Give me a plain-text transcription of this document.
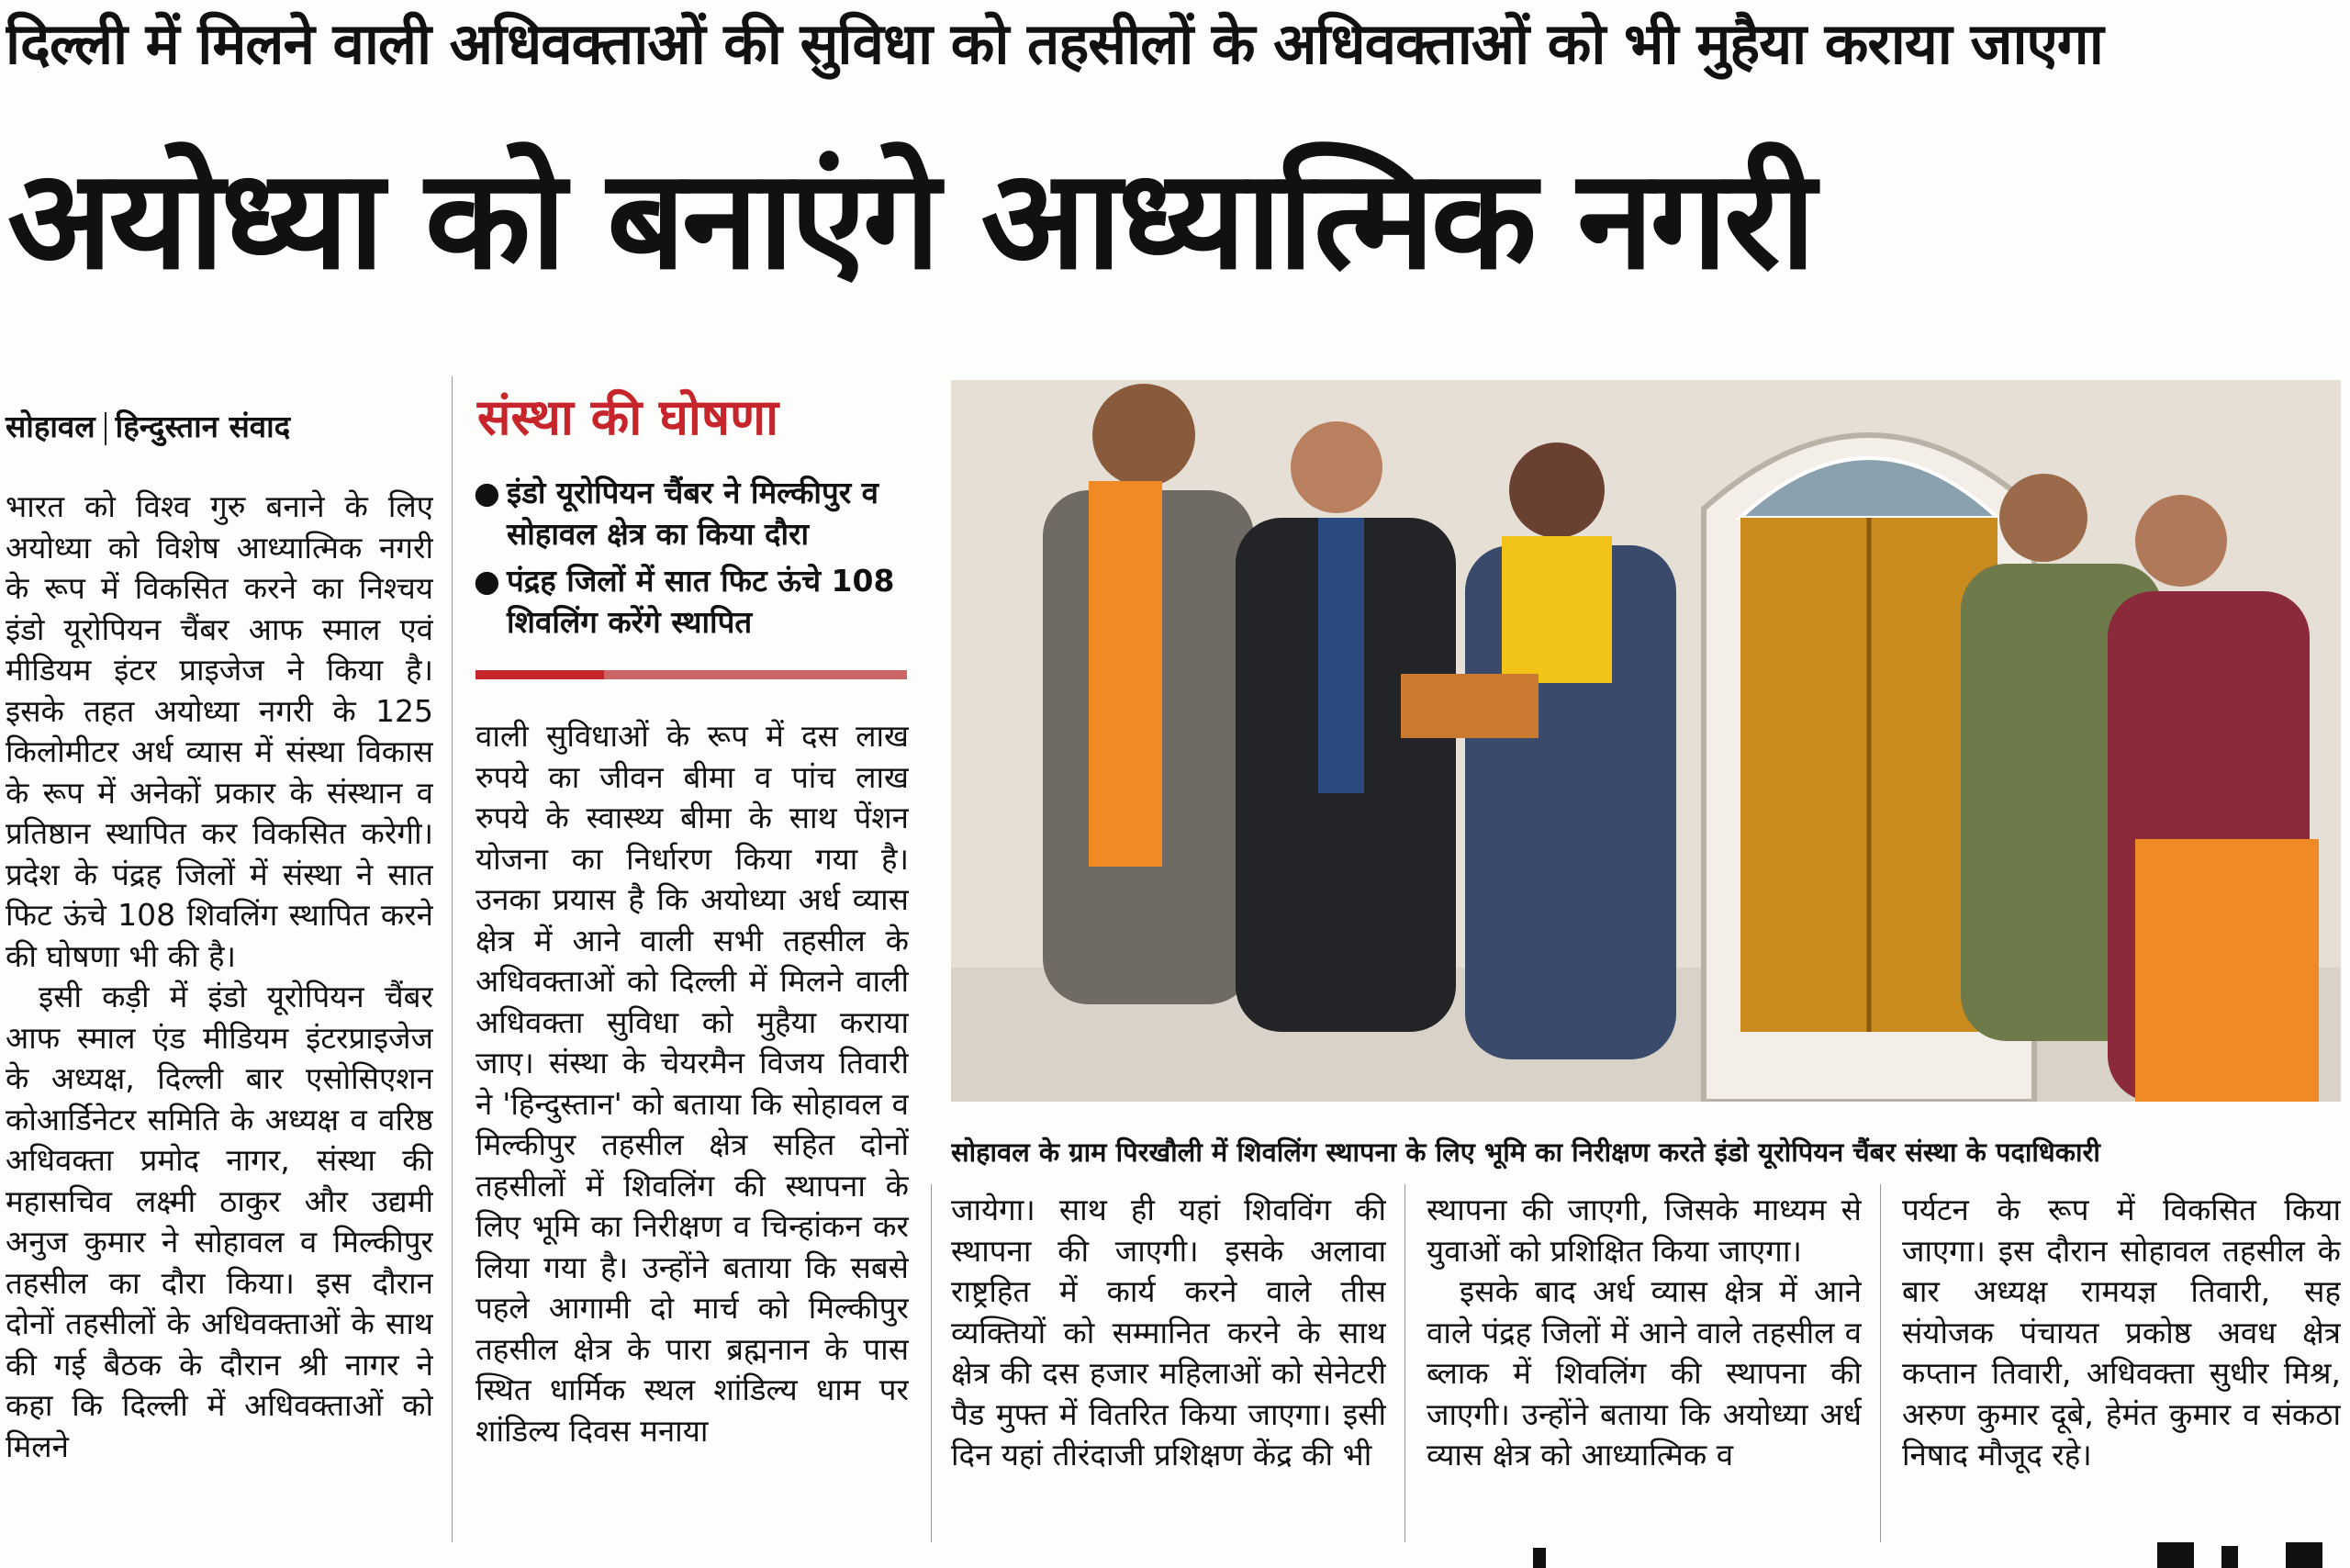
दिल्ली में मिलने वाली अधिवक्ताओं की सुविधा को तहसीलों के अधिवक्ताओं को भी मुहैया कराया जाएगा
अयोध्या को बनाएंगे आध्यात्मिक नगरी
सोहावल हिन्दुस्तान संवाद

भारत को विश्व गुरु बनाने के लिए अयोध्या को विशेष आध्यात्मिक नगरी के रूप में विकसित करने का निश्चय इंडो यूरोपियन चैंबर आफ स्माल एवं मीडियम इंटर प्राइजेज ने किया है। इसके तहत अयोध्या नगरी के 125 किलोमीटर अर्ध व्यास में संस्था विकास के रूप में अनेकों प्रकार के संस्थान व प्रतिष्ठान स्थापित कर विकसित करेगी। प्रदेश के पंद्रह जिलों में संस्था ने सात फिट ऊंचे 108 शिवलिंग स्थापित करने की घोषणा भी की है।

इसी कड़ी में इंडो यूरोपियन चैंबर आफ स्माल एंड मीडियम इंटरप्राइजेज के अध्यक्ष, दिल्ली बार एसोसिएशन कोआर्डिनेटर समिति के अध्यक्ष व वरिष्ठ अधिवक्ता प्रमोद नागर, संस्था की महासचिव लक्ष्मी ठाकुर और उद्यमी अनुज कुमार ने सोहावल व मिल्कीपुर तहसील का दौरा किया। इस दौरान दोनों तहसीलों के अधिवक्ताओं के साथ की गई बैठक के दौरान श्री नागर ने कहा कि दिल्ली में अधिवक्ताओं को मिलने

संस्था की घोषणा
● इंडो यूरोपियन चैंबर ने मिल्कीपुर व सोहावल क्षेत्र का किया दौरा
● पंद्रह जिलों में सात फिट ऊंचे 108 शिवलिंग करेंगे स्थापित

वाली सुविधाओं के रूप में दस लाख रुपये का जीवन बीमा व पांच लाख रुपये के स्वास्थ्य बीमा के साथ पेंशन योजना का निर्धारण किया गया है। उनका प्रयास है कि अयोध्या अर्ध व्यास क्षेत्र में आने वाली सभी तहसील के अधिवक्ताओं को दिल्ली में मिलने वाली अधिवक्ता सुविधा को मुहैया कराया जाए। संस्था के चेयरमैन विजय तिवारी ने 'हिन्दुस्तान' को बताया कि सोहावल व मिल्कीपुर तहसील क्षेत्र सहित दोनों तहसीलों में शिवलिंग की स्थापना के लिए भूमि का निरीक्षण व चिन्हांकन कर लिया गया है। उन्होंने बताया कि सबसे पहले आगामी दो मार्च को मिल्कीपुर तहसील क्षेत्र के पारा ब्रह्मनान के पास स्थित धार्मिक स्थल शांडिल्य धाम पर शांडिल्य दिवस मनाया

सोहावल के ग्राम पिरखौली में शिवलिंग स्थापना के लिए भूमि का निरीक्षण करते इंडो यूरोपियन चैंबर संस्था के पदाधिकारी

जायेगा। साथ ही यहां शिवविंग की स्थापना की जाएगी। इसके अलावा राष्ट्रहित में कार्य करने वाले तीस व्यक्तियों को सम्मानित करने के साथ क्षेत्र की दस हजार महिलाओं को सेनेटरी पैड मुफ्त में वितरित किया जाएगा। इसी दिन यहां तीरंदाजी प्रशिक्षण केंद्र की भी

स्थापना की जाएगी, जिसके माध्यम से युवाओं को प्रशिक्षित किया जाएगा।

इसके बाद अर्ध व्यास क्षेत्र में आने वाले पंद्रह जिलों में आने वाले तहसील व ब्लाक में शिवलिंग की स्थापना की जाएगी। उन्होंने बताया कि अयोध्या अर्ध व्यास क्षेत्र को आध्यात्मिक व

पर्यटन के रूप में विकसित किया जाएगा। इस दौरान सोहावल तहसील के बार अध्यक्ष रामयज्ञ तिवारी, सह संयोजक पंचायत प्रकोष्ठ अवध क्षेत्र कप्तान तिवारी, अधिवक्ता सुधीर मिश्र, अरुण कुमार दूबे, हेमंत कुमार व संकठा निषाद मौजूद रहे।
